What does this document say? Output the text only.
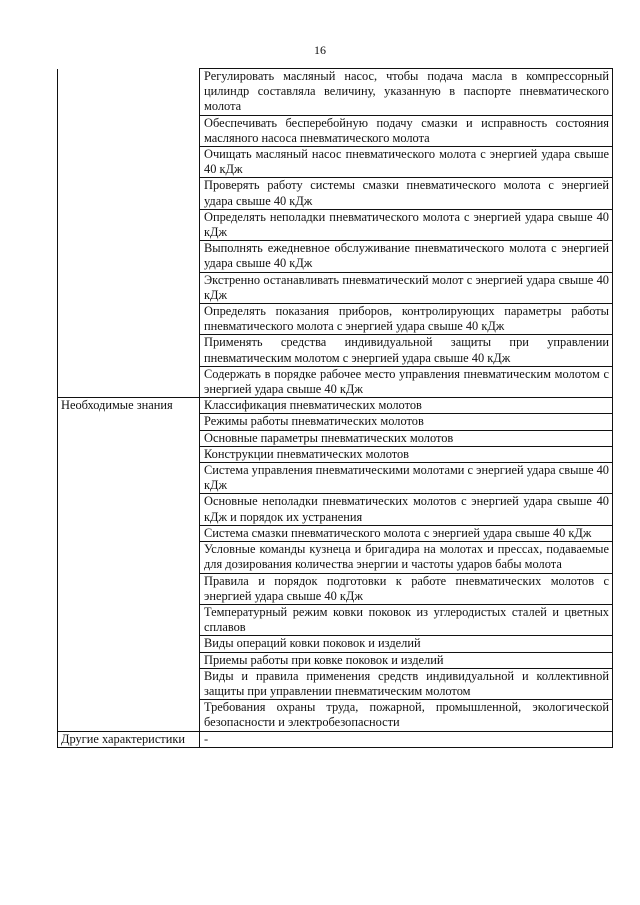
16
	Регулировать масляный насос, чтобы подача масла в компрессорный цилиндр составляла величину, указанную в паспорте пневматического молота
	Обеспечивать бесперебойную подачу смазки и исправность состояния масляного насоса пневматического молота
	Очищать масляный насос пневматического молота с энергией удара свыше 40 кДж
	Проверять работу системы смазки пневматического молота с энергией удара свыше 40 кДж
	Определять неполадки пневматического молота с энергией удара свыше 40 кДж
	Выполнять ежедневное обслуживание пневматического молота с энергией удара свыше 40 кДж
	Экстренно останавливать пневматический молот с энергией удара свыше 40 кДж
	Определять показания приборов, контролирующих параметры работы пневматического молота с энергией удара свыше 40 кДж
	Применять средства индивидуальной защиты при управлении пневматическим молотом с энергией удара свыше 40 кДж
	Содержать в порядке рабочее место управления пневматическим молотом с энергией удара свыше 40 кДж
Необходимые знания	Классификация пневматических молотов
	Режимы работы пневматических молотов
	Основные параметры пневматических молотов
	Конструкции пневматических молотов
	Система управления пневматическими молотами с энергией удара свыше 40 кДж
	Основные неполадки пневматических молотов с энергией удара свыше 40 кДж и порядок их устранения
	Система смазки пневматического молота с энергией удара свыше 40 кДж
	Условные команды кузнеца и бригадира на молотах и прессах, подаваемые для дозирования количества энергии и частоты ударов бабы молота
	Правила и порядок подготовки к работе пневматических молотов с энергией удара свыше 40 кДж
	Температурный режим ковки поковок из углеродистых сталей и цветных сплавов
	Виды операций ковки поковок и изделий
	Приемы работы при ковке поковок и изделий
	Виды и правила применения средств индивидуальной и коллективной защиты при управлении пневматическим молотом
	Требования охраны труда, пожарной, промышленной, экологической безопасности и электробезопасности
Другие характеристики	-
